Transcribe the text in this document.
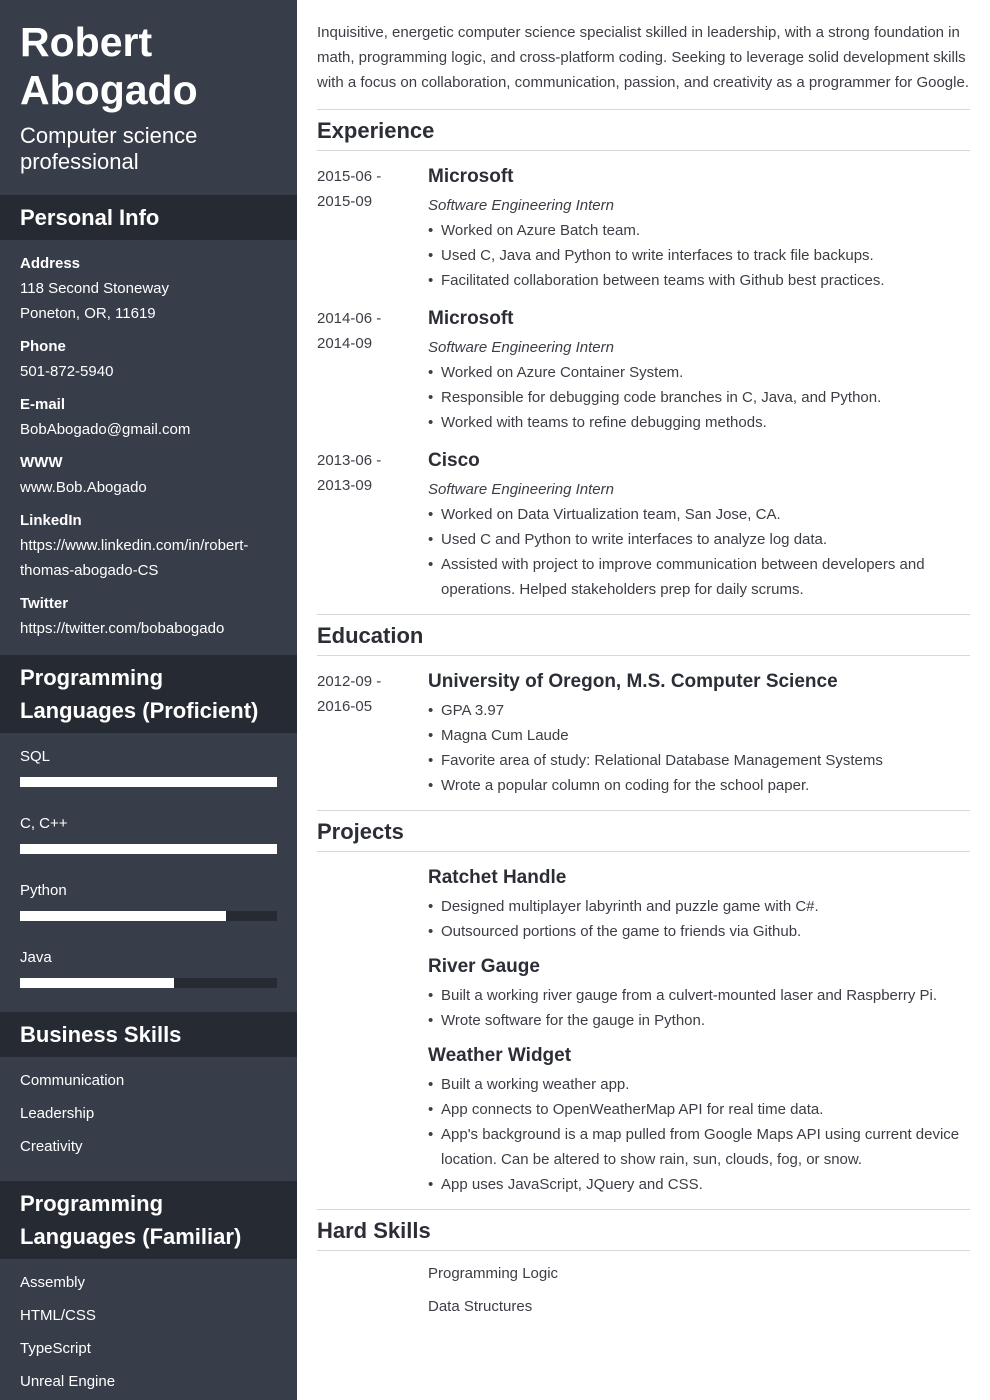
Robert
Abogado
Computer science professional
Personal Info
Address
118 Second Stoneway
Poneton, OR, 11619
Phone
501-872-5940
E-mail
BobAbogado@gmail.com
WWW
www.Bob.Abogado
LinkedIn
https://www.linkedin.com/in/robert-thomas-abogado-CS
Twitter
https://twitter.com/bobabogado
Programming Languages (Proficient)
SQL
C, C++
Python
Java
Business Skills
Communication
Leadership
Creativity
Programming Languages (Familiar)
Assembly
HTML/CSS
TypeScript
Unreal Engine
Inquisitive, energetic computer science specialist skilled in leadership, with a strong foundation in math, programming logic, and cross-platform coding. Seeking to leverage solid development skills with a focus on collaboration, communication, passion, and creativity as a programmer for Google.
Experience
2015-06 -
2015-09
Microsoft
Software Engineering Intern
• Worked on Azure Batch team.
• Used C, Java and Python to write interfaces to track file backups.
• Facilitated collaboration between teams with Github best practices.
2014-06 -
2014-09
Microsoft
Software Engineering Intern
• Worked on Azure Container System.
• Responsible for debugging code branches in C, Java, and Python.
• Worked with teams to refine debugging methods.
2013-06 -
2013-09
Cisco
Software Engineering Intern
• Worked on Data Virtualization team, San Jose, CA.
• Used C and Python to write interfaces to analyze log data.
• Assisted with project to improve communication between developers and operations. Helped stakeholders prep for daily scrums.
Education
2012-09 -
2016-05
University of Oregon, M.S. Computer Science
• GPA 3.97
• Magna Cum Laude
• Favorite area of study: Relational Database Management Systems
• Wrote a popular column on coding for the school paper.
Projects
Ratchet Handle
• Designed multiplayer labyrinth and puzzle game with C#.
• Outsourced portions of the game to friends via Github.
River Gauge
• Built a working river gauge from a culvert-mounted laser and Raspberry Pi.
• Wrote software for the gauge in Python.
Weather Widget
• Built a working weather app.
• App connects to OpenWeatherMap API for real time data.
• App's background is a map pulled from Google Maps API using current device location. Can be altered to show rain, sun, clouds, fog, or snow.
• App uses JavaScript, JQuery and CSS.
Hard Skills
Programming Logic
Data Structures
